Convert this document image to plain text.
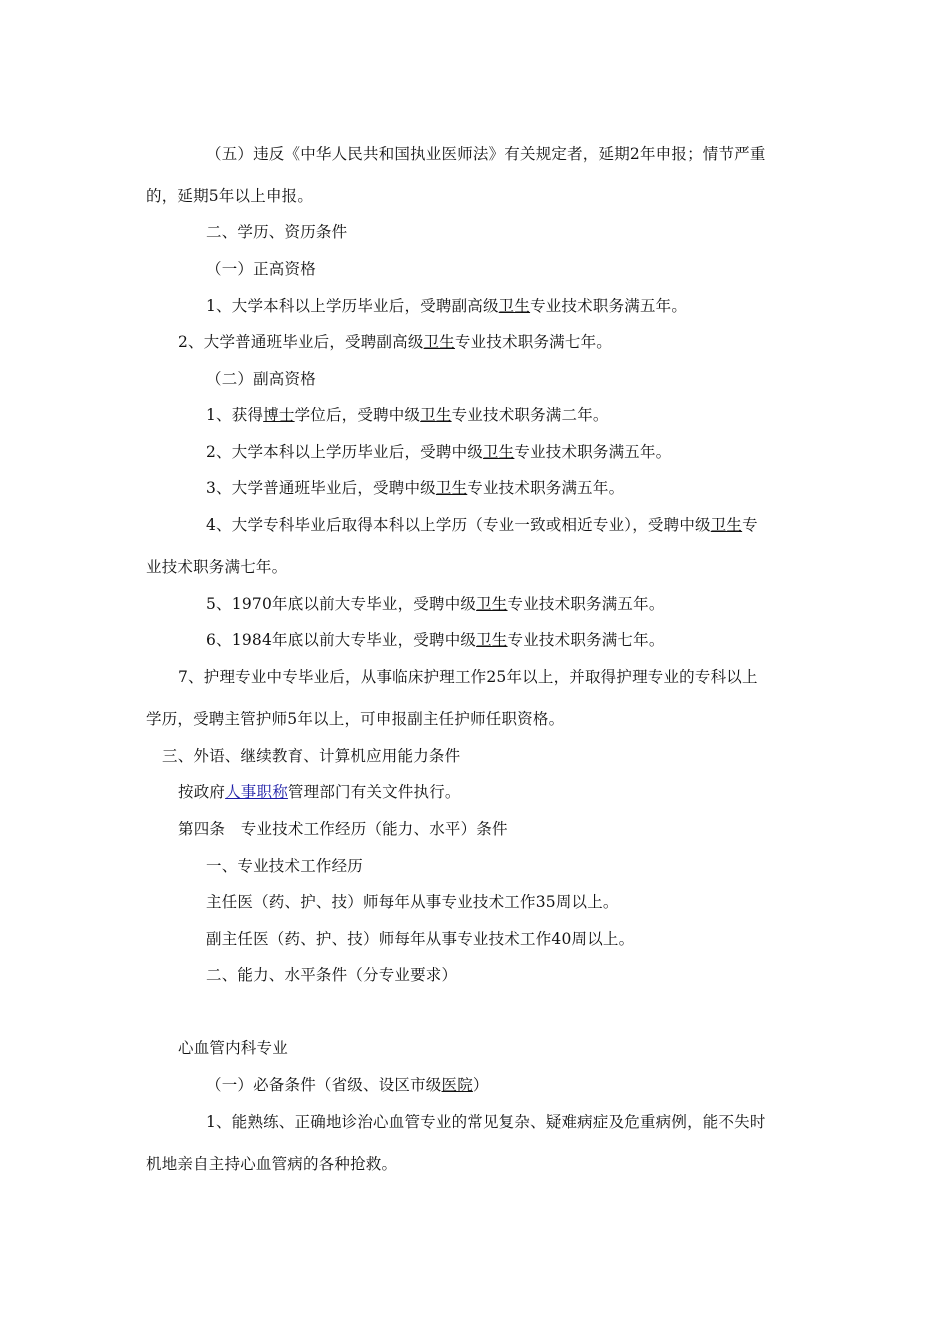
（五）违反《中华人民共和国执业医师法》有关规定者，延期2年申报；情节严重

的，延期5年以上申报。

二、学历、资历条件

（一）正高资格

1、大学本科以上学历毕业后，受聘副高级卫生专业技术职务满五年。

2、大学普通班毕业后，受聘副高级卫生专业技术职务满七年。

（二）副高资格

1、获得博士学位后，受聘中级卫生专业技术职务满二年。

2、大学本科以上学历毕业后，受聘中级卫生专业技术职务满五年。

3、大学普通班毕业后，受聘中级卫生专业技术职务满五年。

4、大学专科毕业后取得本科以上学历（专业一致或相近专业），受聘中级卫生专

业技术职务满七年。

5、1970年底以前大专毕业，受聘中级卫生专业技术职务满五年。

6、1984年底以前大专毕业，受聘中级卫生专业技术职务满七年。

7、护理专业中专毕业后，从事临床护理工作25年以上，并取得护理专业的专科以上

学历，受聘主管护师5年以上，可申报副主任护师任职资格。

三、外语、继续教育、计算机应用能力条件

按政府人事职称管理部门有关文件执行。

第四条　专业技术工作经历（能力、水平）条件

一、专业技术工作经历

主任医（药、护、技）师每年从事专业技术工作35周以上。

副主任医（药、护、技）师每年从事专业技术工作40周以上。

二、能力、水平条件（分专业要求）

心血管内科专业

（一）必备条件（省级、设区市级医院）

1、能熟练、正确地诊治心血管专业的常见复杂、疑难病症及危重病例，能不失时

机地亲自主持心血管病的各种抢救。
